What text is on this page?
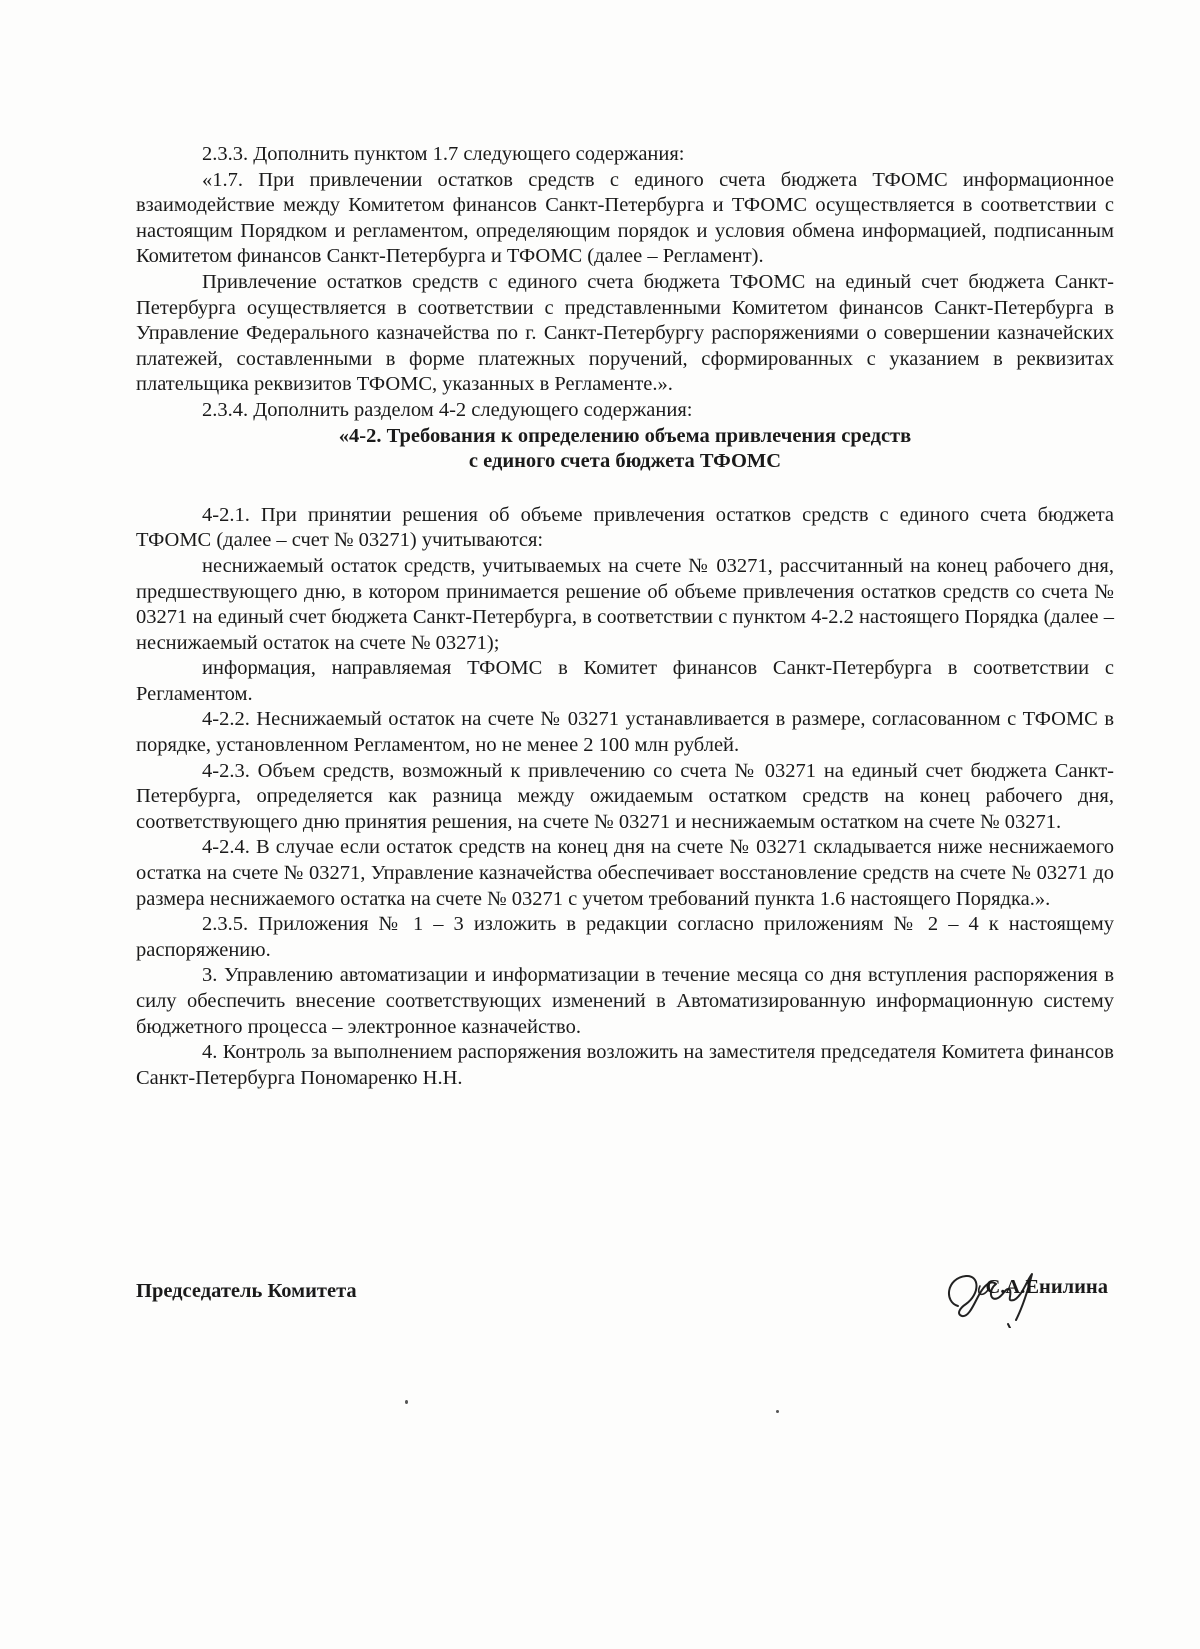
2.3.3. Дополнить пунктом 1.7 следующего содержания:

«1.7. При привлечении остатков средств с единого счета бюджета ТФОМС информационное взаимодействие между Комитетом финансов Санкт-Петербурга и ТФОМС осуществляется в соответствии с настоящим Порядком и регламентом, определяющим порядок и условия обмена информацией, подписанным Комитетом финансов Санкт-Петербурга и ТФОМС (далее – Регламент).

Привлечение остатков средств с единого счета бюджета ТФОМС на единый счет бюджета Санкт-Петербурга осуществляется в соответствии с представленными Комитетом финансов Санкт-Петербурга в Управление Федерального казначейства по г. Санкт-Петербургу распоряжениями о совершении казначейских платежей, составленными в форме платежных поручений, сформированных с указанием в реквизитах плательщика реквизитов ТФОМС, указанных в Регламенте.».

2.3.4. Дополнить разделом 4-2 следующего содержания:

«4-2. Требования к определению объема привлечения средств
с единого счета бюджета ТФОМС

4-2.1. При принятии решения об объеме привлечения остатков средств с единого счета бюджета ТФОМС (далее – счет № 03271) учитываются:

неснижаемый остаток средств, учитываемых на счете № 03271, рассчитанный на конец рабочего дня, предшествующего дню, в котором принимается решение об объеме привлечения остатков средств со счета № 03271 на единый счет бюджета Санкт-Петербурга, в соответствии с пунктом 4-2.2 настоящего Порядка (далее – неснижаемый остаток на счете № 03271);

информация, направляемая ТФОМС в Комитет финансов Санкт-Петербурга в соответствии с Регламентом.

4-2.2. Неснижаемый остаток на счете № 03271 устанавливается в размере, согласованном с ТФОМС в порядке, установленном Регламентом, но не менее 2 100 млн рублей.

4-2.3. Объем средств, возможный к привлечению со счета № 03271 на единый счет бюджета Санкт-Петербурга, определяется как разница между ожидаемым остатком средств на конец рабочего дня, соответствующего дню принятия решения, на счете № 03271 и неснижаемым остатком на счете № 03271.

4-2.4. В случае если остаток средств на конец дня на счете № 03271 складывается ниже неснижаемого остатка на счете № 03271, Управление казначейства обеспечивает восстановление средств на счете № 03271 до размера неснижаемого остатка на счете № 03271 с учетом требований пункта 1.6 настоящего Порядка.».

2.3.5. Приложения № 1 – 3 изложить в редакции согласно приложениям № 2 – 4 к настоящему распоряжению.

3. Управлению автоматизации и информатизации в течение месяца со дня вступления распоряжения в силу обеспечить внесение соответствующих изменений в Автоматизированную информационную систему бюджетного процесса – электронное казначейство.

4. Контроль за выполнением распоряжения возложить на заместителя председателя Комитета финансов Санкт-Петербурга Пономаренко Н.Н.

Председатель Комитета	С.А.Енилина
